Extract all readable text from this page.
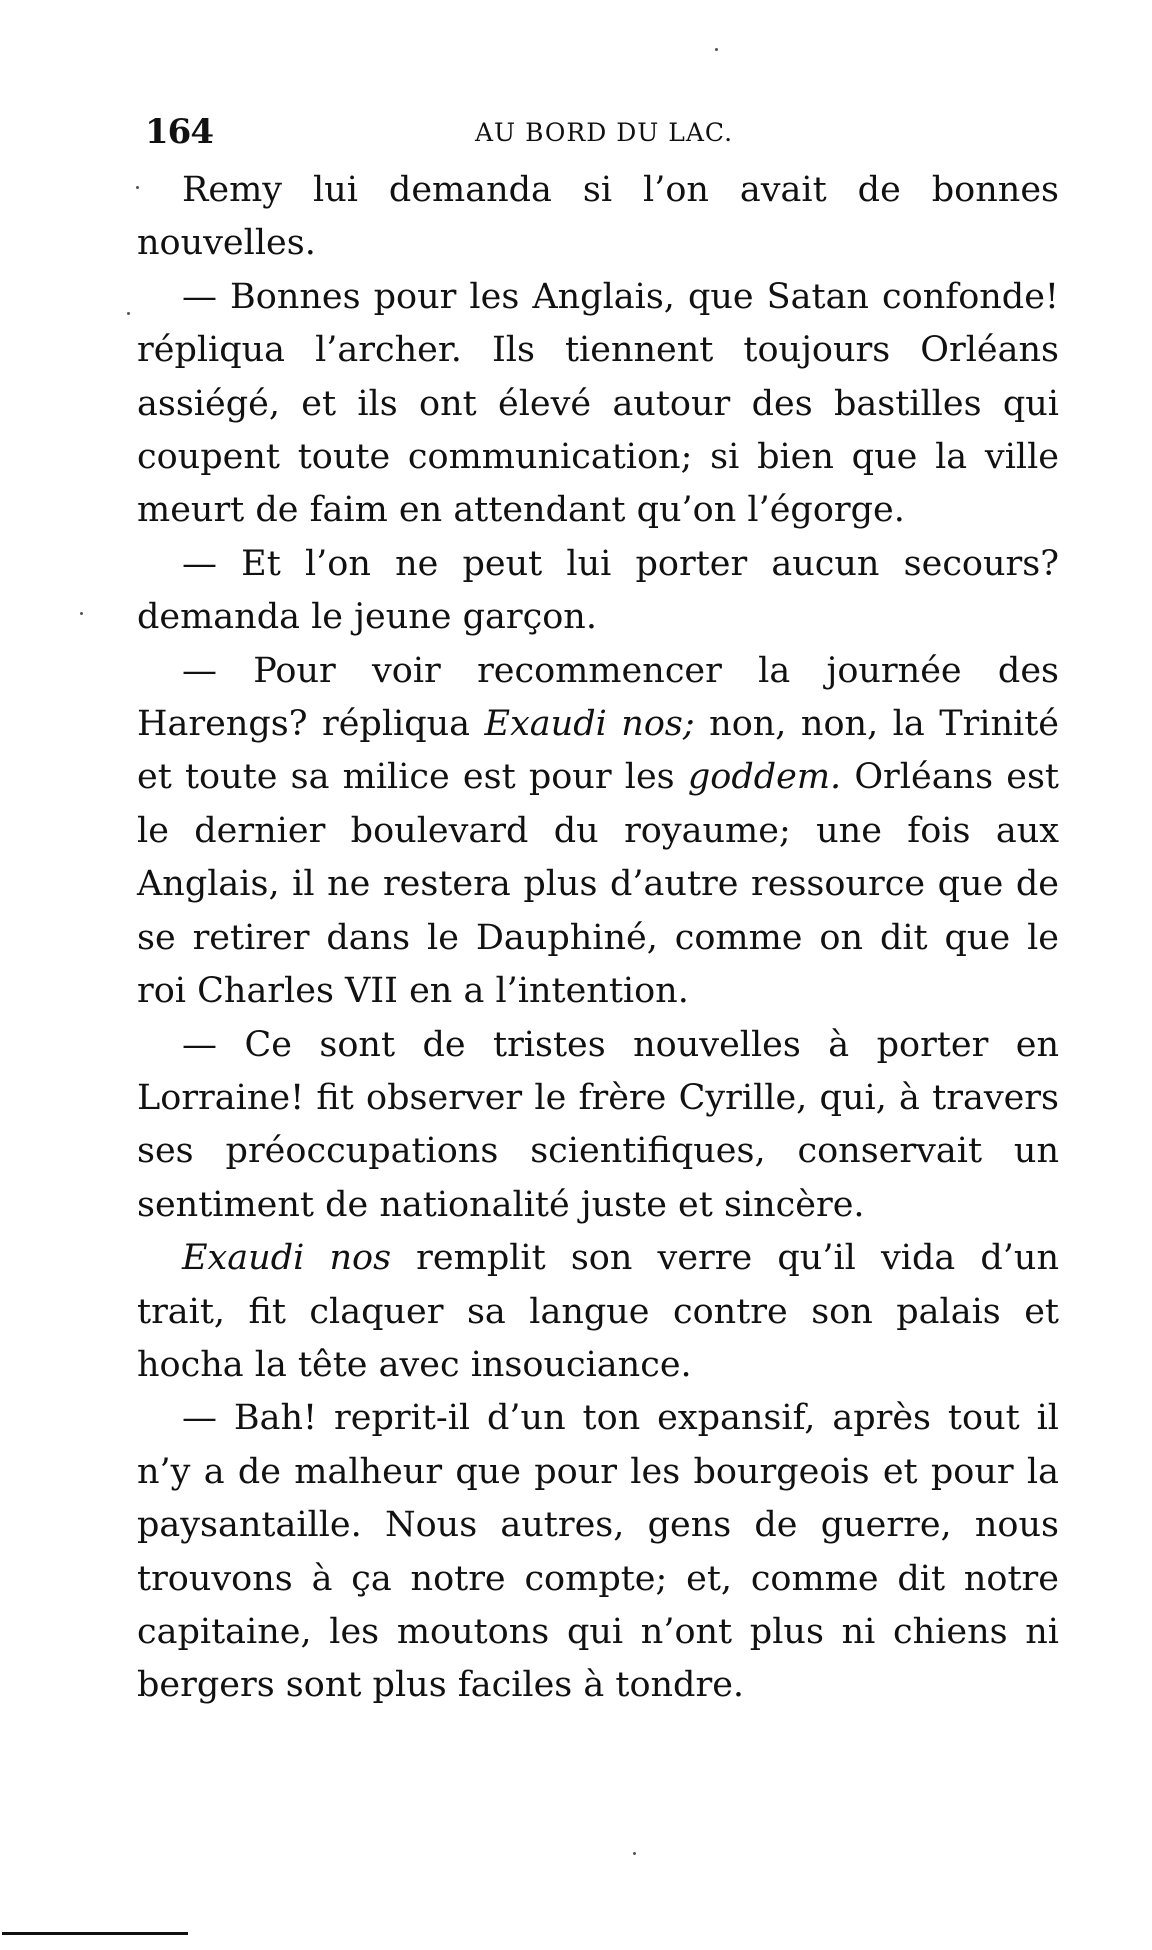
164	AU BORD DU LAC.

Remy lui demanda si l’on avait de bonnes nouvelles.

— Bonnes pour les Anglais, que Satan confonde! répliqua l’archer. Ils tiennent toujours Orléans assiégé, et ils ont élevé autour des bastilles qui coupent toute communication; si bien que la ville meurt de faim en attendant qu’on l’égorge.

— Et l’on ne peut lui porter aucun secours? demanda le jeune garçon.

— Pour voir recommencer la journée des Harengs? répliqua Exaudi nos; non, non, la Trinité et toute sa milice est pour les goddem. Orléans est le dernier boulevard du royaume; une fois aux Anglais, il ne restera plus d’autre ressource que de se retirer dans le Dauphiné, comme on dit que le roi Charles VII en a l’intention.

— Ce sont de tristes nouvelles à porter en Lorraine! fit observer le frère Cyrille, qui, à travers ses préoccupations scientifiques, conservait un sentiment de nationalité juste et sincère.

Exaudi nos remplit son verre qu’il vida d’un trait, fit claquer sa langue contre son palais et hocha la tête avec insouciance.

— Bah! reprit-il d’un ton expansif, après tout il n’y a de malheur que pour les bourgeois et pour la paysantaille. Nous autres, gens de guerre, nous trouvons à ça notre compte; et, comme dit notre capitaine, les moutons qui n’ont plus ni chiens ni bergers sont plus faciles à tondre.
